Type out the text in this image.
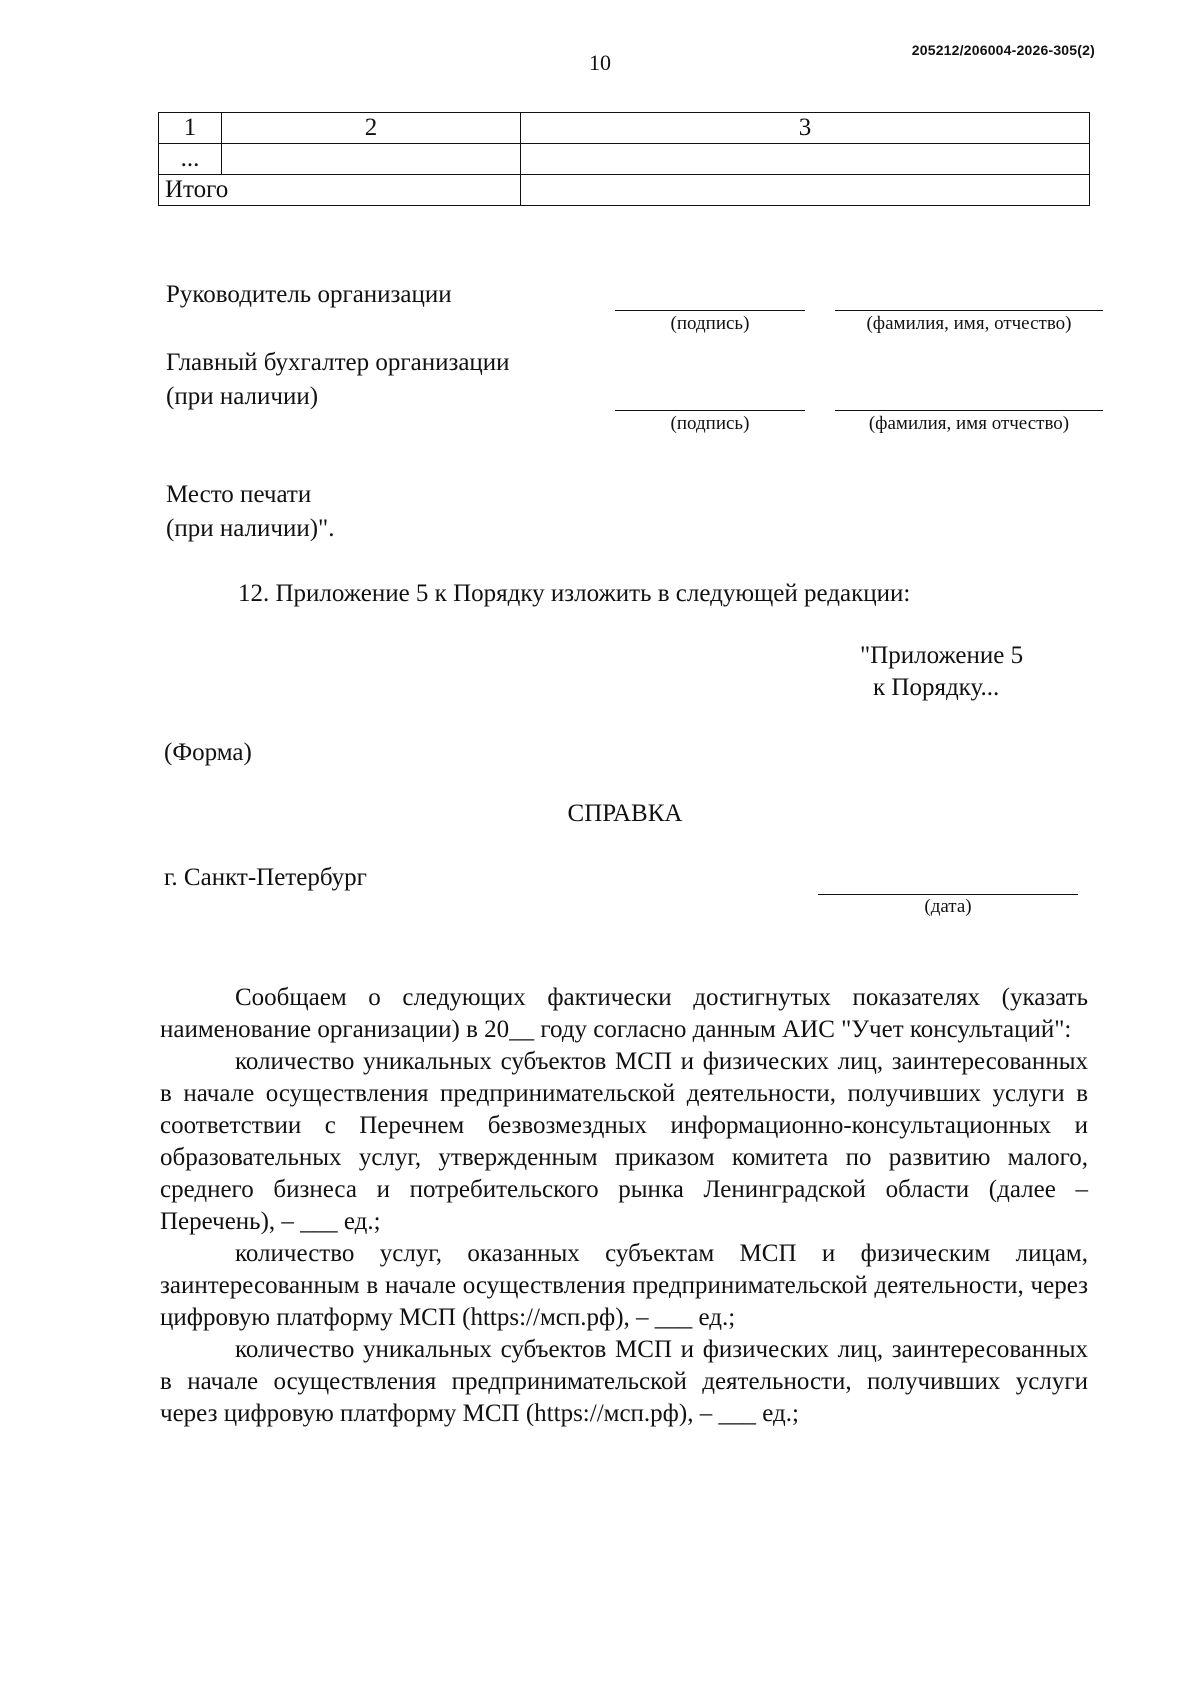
10	205212/206004-2026-305(2)
1	2	3
...		
Итого		
Руководитель организации
(подпись)	(фамилия, имя, отчество)
Главный бухгалтер организации
(при наличии)
(подпись)	(фамилия, имя отчество)
Место печати
(при наличии)".
12. Приложение 5 к Порядку изложить в следующей редакции:
"Приложение 5
к Порядку...
(Форма)
СПРАВКА
г. Санкт-Петербург
(дата)

Сообщаем о следующих фактически достигнутых показателях (указать наименование организации) в 20__ году согласно данным АИС "Учет консультаций":

количество уникальных субъектов МСП и физических лиц, заинтересованных в начале осуществления предпринимательской деятельности, получивших услуги в соответствии с Перечнем безвозмездных информационно-консультационных и образовательных услуг, утвержденным приказом комитета по развитию малого, среднего бизнеса и потребительского рынка Ленинградской области (далее – Перечень), – ___ ед.;

количество услуг, оказанных субъектам МСП и физическим лицам, заинтересованным в начале осуществления предпринимательской деятельности, через цифровую платформу МСП (https://мсп.рф), – ___ ед.;

количество уникальных субъектов МСП и физических лиц, заинтересованных в начале осуществления предпринимательской деятельности, получивших услуги через цифровую платформу МСП (https://мсп.рф), – ___ ед.;
